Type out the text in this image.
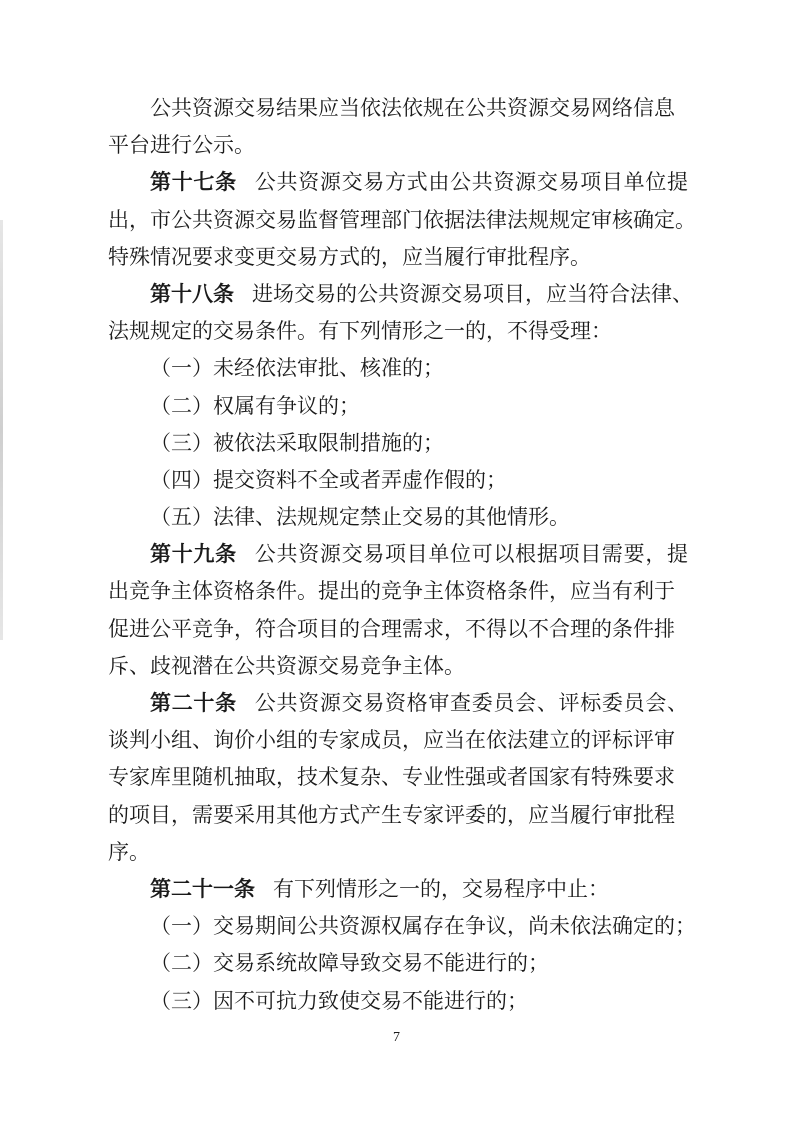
公共资源交易结果应当依法依规在公共资源交易网络信息
平台进行公示。
第十七条 公共资源交易方式由公共资源交易项目单位提
出，市公共资源交易监督管理部门依据法律法规规定审核确定。
特殊情况要求变更交易方式的，应当履行审批程序。
第十八条 进场交易的公共资源交易项目，应当符合法律、
法规规定的交易条件。有下列情形之一的，不得受理：
（一）未经依法审批、核准的；
（二）权属有争议的；
（三）被依法采取限制措施的；
（四）提交资料不全或者弄虚作假的；
（五）法律、法规规定禁止交易的其他情形。
第十九条 公共资源交易项目单位可以根据项目需要，提
出竞争主体资格条件。提出的竞争主体资格条件，应当有利于
促进公平竞争，符合项目的合理需求，不得以不合理的条件排
斥、歧视潜在公共资源交易竞争主体。
第二十条 公共资源交易资格审查委员会、评标委员会、
谈判小组、询价小组的专家成员，应当在依法建立的评标评审
专家库里随机抽取，技术复杂、专业性强或者国家有特殊要求
的项目，需要采用其他方式产生专家评委的，应当履行审批程
序。
第二十一条 有下列情形之一的，交易程序中止：
（一）交易期间公共资源权属存在争议，尚未依法确定的；
（二）交易系统故障导致交易不能进行的；
（三）因不可抗力致使交易不能进行的；
7
